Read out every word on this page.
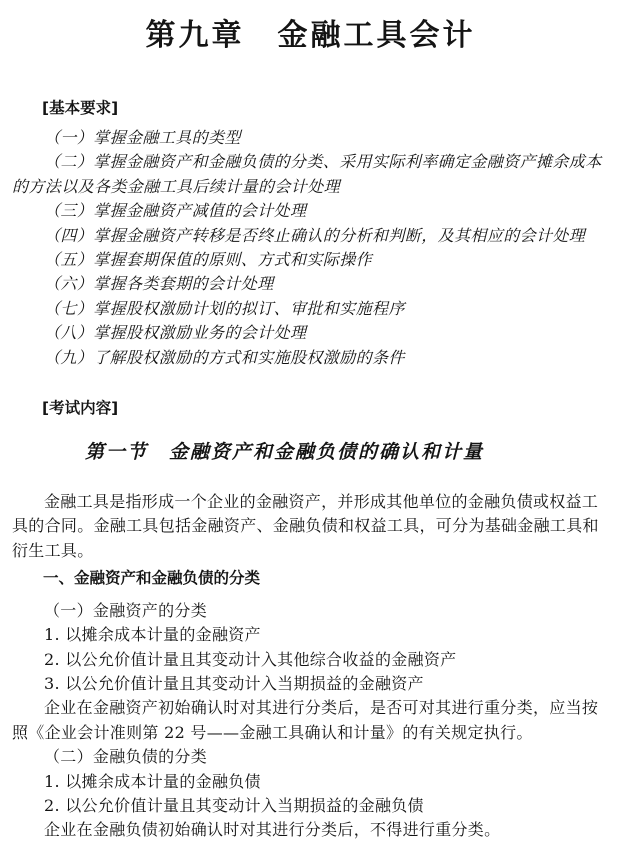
第九章　金融工具会计

[基本要求]

（一）掌握金融工具的类型

（二）掌握金融资产和金融负债的分类、采用实际利率确定金融资产摊余成本的方法以及各类金融工具后续计量的会计处理

（三）掌握金融资产减值的会计处理

（四）掌握金融资产转移是否终止确认的分析和判断，及其相应的会计处理

（五）掌握套期保值的原则、方式和实际操作

（六）掌握各类套期的会计处理

（七）掌握股权激励计划的拟订、审批和实施程序

（八）掌握股权激励业务的会计处理

（九）了解股权激励的方式和实施股权激励的条件

[考试内容]

第一节　金融资产和金融负债的确认和计量

金融工具是指形成一个企业的金融资产，并形成其他单位的金融负债或权益工具的合同。金融工具包括金融资产、金融负债和权益工具，可分为基础金融工具和衍生工具。

一、金融资产和金融负债的分类

（一）金融资产的分类

1. 以摊余成本计量的金融资产

2. 以公允价值计量且其变动计入其他综合收益的金融资产

3. 以公允价值计量且其变动计入当期损益的金融资产

企业在金融资产初始确认时对其进行分类后，是否可对其进行重分类，应当按照《企业会计准则第 22 号——金融工具确认和计量》的有关规定执行。

（二）金融负债的分类

1. 以摊余成本计量的金融负债

2. 以公允价值计量且其变动计入当期损益的金融负债

企业在金融负债初始确认时对其进行分类后，不得进行重分类。
